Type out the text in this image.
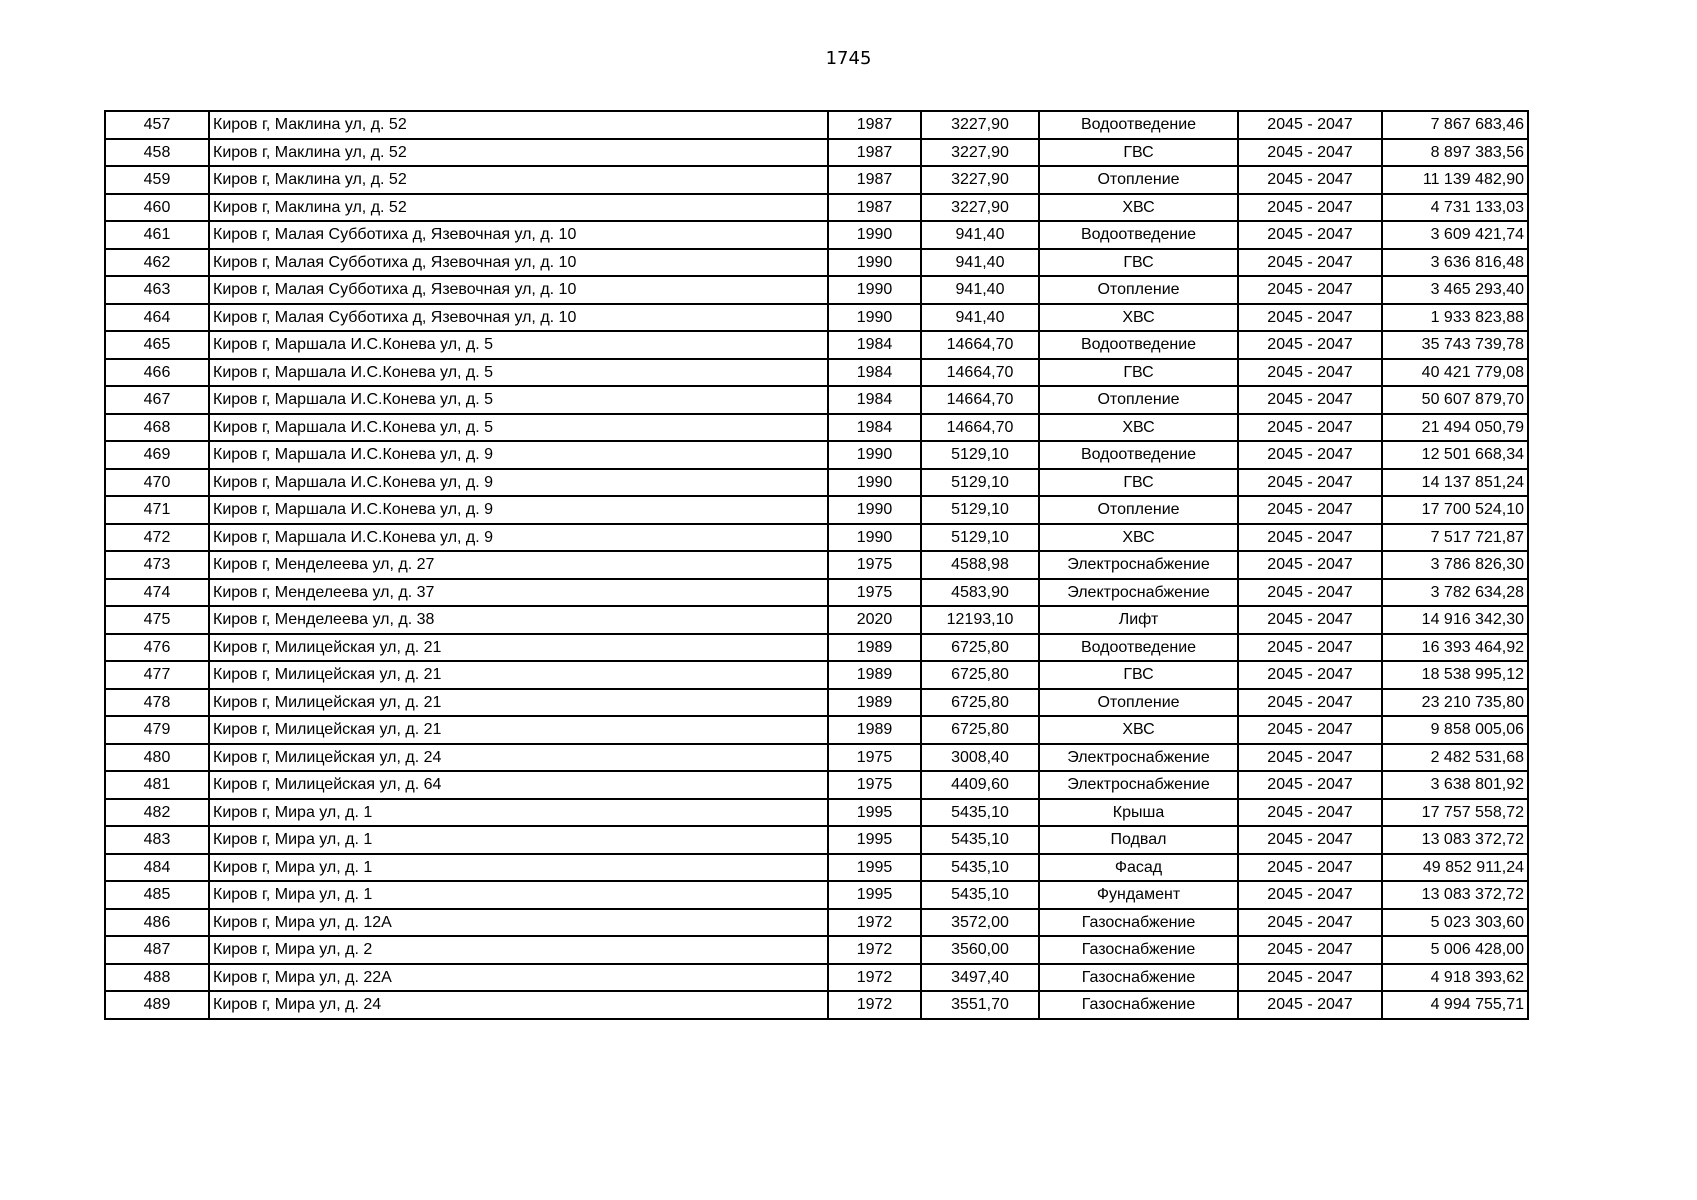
1745
457	Киров г, Маклина ул, д. 52	1987	3227,90	Водоотведение	2045 - 2047	7 867 683,46
458	Киров г, Маклина ул, д. 52	1987	3227,90	ГВС	2045 - 2047	8 897 383,56
459	Киров г, Маклина ул, д. 52	1987	3227,90	Отопление	2045 - 2047	11 139 482,90
460	Киров г, Маклина ул, д. 52	1987	3227,90	ХВС	2045 - 2047	4 731 133,03
461	Киров г, Малая Субботиха д, Язевочная ул, д. 10	1990	941,40	Водоотведение	2045 - 2047	3 609 421,74
462	Киров г, Малая Субботиха д, Язевочная ул, д. 10	1990	941,40	ГВС	2045 - 2047	3 636 816,48
463	Киров г, Малая Субботиха д, Язевочная ул, д. 10	1990	941,40	Отопление	2045 - 2047	3 465 293,40
464	Киров г, Малая Субботиха д, Язевочная ул, д. 10	1990	941,40	ХВС	2045 - 2047	1 933 823,88
465	Киров г, Маршала И.С.Конева ул, д. 5	1984	14664,70	Водоотведение	2045 - 2047	35 743 739,78
466	Киров г, Маршала И.С.Конева ул, д. 5	1984	14664,70	ГВС	2045 - 2047	40 421 779,08
467	Киров г, Маршала И.С.Конева ул, д. 5	1984	14664,70	Отопление	2045 - 2047	50 607 879,70
468	Киров г, Маршала И.С.Конева ул, д. 5	1984	14664,70	ХВС	2045 - 2047	21 494 050,79
469	Киров г, Маршала И.С.Конева ул, д. 9	1990	5129,10	Водоотведение	2045 - 2047	12 501 668,34
470	Киров г, Маршала И.С.Конева ул, д. 9	1990	5129,10	ГВС	2045 - 2047	14 137 851,24
471	Киров г, Маршала И.С.Конева ул, д. 9	1990	5129,10	Отопление	2045 - 2047	17 700 524,10
472	Киров г, Маршала И.С.Конева ул, д. 9	1990	5129,10	ХВС	2045 - 2047	7 517 721,87
473	Киров г, Менделеева ул, д. 27	1975	4588,98	Электроснабжение	2045 - 2047	3 786 826,30
474	Киров г, Менделеева ул, д. 37	1975	4583,90	Электроснабжение	2045 - 2047	3 782 634,28
475	Киров г, Менделеева ул, д. 38	2020	12193,10	Лифт	2045 - 2047	14 916 342,30
476	Киров г, Милицейская ул, д. 21	1989	6725,80	Водоотведение	2045 - 2047	16 393 464,92
477	Киров г, Милицейская ул, д. 21	1989	6725,80	ГВС	2045 - 2047	18 538 995,12
478	Киров г, Милицейская ул, д. 21	1989	6725,80	Отопление	2045 - 2047	23 210 735,80
479	Киров г, Милицейская ул, д. 21	1989	6725,80	ХВС	2045 - 2047	9 858 005,06
480	Киров г, Милицейская ул, д. 24	1975	3008,40	Электроснабжение	2045 - 2047	2 482 531,68
481	Киров г, Милицейская ул, д. 64	1975	4409,60	Электроснабжение	2045 - 2047	3 638 801,92
482	Киров г, Мира ул, д. 1	1995	5435,10	Крыша	2045 - 2047	17 757 558,72
483	Киров г, Мира ул, д. 1	1995	5435,10	Подвал	2045 - 2047	13 083 372,72
484	Киров г, Мира ул, д. 1	1995	5435,10	Фасад	2045 - 2047	49 852 911,24
485	Киров г, Мира ул, д. 1	1995	5435,10	Фундамент	2045 - 2047	13 083 372,72
486	Киров г, Мира ул, д. 12А	1972	3572,00	Газоснабжение	2045 - 2047	5 023 303,60
487	Киров г, Мира ул, д. 2	1972	3560,00	Газоснабжение	2045 - 2047	5 006 428,00
488	Киров г, Мира ул, д. 22А	1972	3497,40	Газоснабжение	2045 - 2047	4 918 393,62
489	Киров г, Мира ул, д. 24	1972	3551,70	Газоснабжение	2045 - 2047	4 994 755,71
